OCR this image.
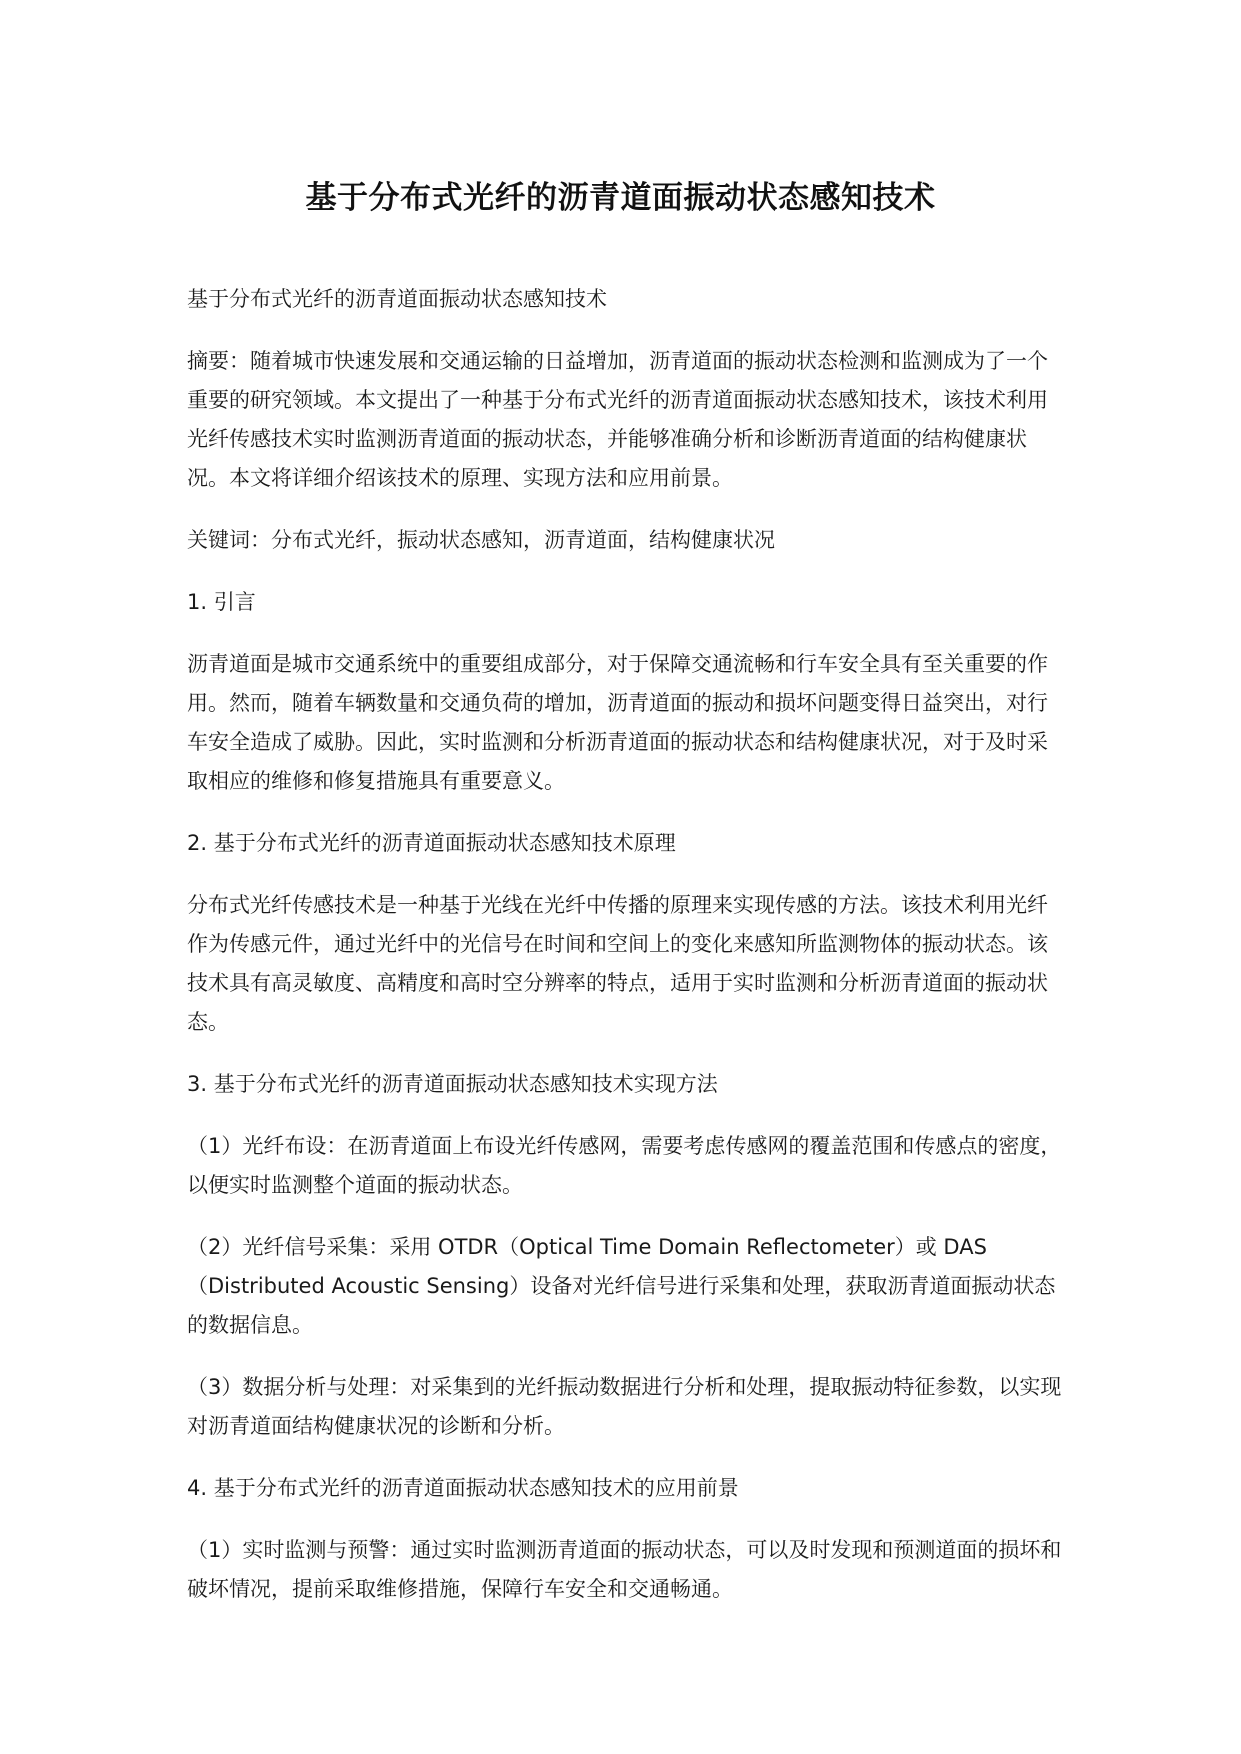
基于分布式光纤的沥青道面振动状态感知技术

基于分布式光纤的沥青道面振动状态感知技术

摘要：随着城市快速发展和交通运输的日益增加，沥青道面的振动状态检测和监测成为了一个重要的研究领域。本文提出了一种基于分布式光纤的沥青道面振动状态感知技术，该技术利用光纤传感技术实时监测沥青道面的振动状态，并能够准确分析和诊断沥青道面的结构健康状况。本文将详细介绍该技术的原理、实现方法和应用前景。

关键词：分布式光纤，振动状态感知，沥青道面，结构健康状况

1. 引言

沥青道面是城市交通系统中的重要组成部分，对于保障交通流畅和行车安全具有至关重要的作用。然而，随着车辆数量和交通负荷的增加，沥青道面的振动和损坏问题变得日益突出，对行车安全造成了威胁。因此，实时监测和分析沥青道面的振动状态和结构健康状况，对于及时采取相应的维修和修复措施具有重要意义。

2. 基于分布式光纤的沥青道面振动状态感知技术原理

分布式光纤传感技术是一种基于光线在光纤中传播的原理来实现传感的方法。该技术利用光纤作为传感元件，通过光纤中的光信号在时间和空间上的变化来感知所监测物体的振动状态。该技术具有高灵敏度、高精度和高时空分辨率的特点，适用于实时监测和分析沥青道面的振动状态。

3. 基于分布式光纤的沥青道面振动状态感知技术实现方法

（1）光纤布设：在沥青道面上布设光纤传感网，需要考虑传感网的覆盖范围和传感点的密度，以便实时监测整个道面的振动状态。

（2）光纤信号采集：采用 OTDR（Optical Time Domain Reflectometer）或 DAS（Distributed Acoustic Sensing）设备对光纤信号进行采集和处理，获取沥青道面振动状态的数据信息。

（3）数据分析与处理：对采集到的光纤振动数据进行分析和处理，提取振动特征参数，以实现对沥青道面结构健康状况的诊断和分析。

4. 基于分布式光纤的沥青道面振动状态感知技术的应用前景

（1）实时监测与预警：通过实时监测沥青道面的振动状态，可以及时发现和预测道面的损坏和破坏情况，提前采取维修措施，保障行车安全和交通畅通。
